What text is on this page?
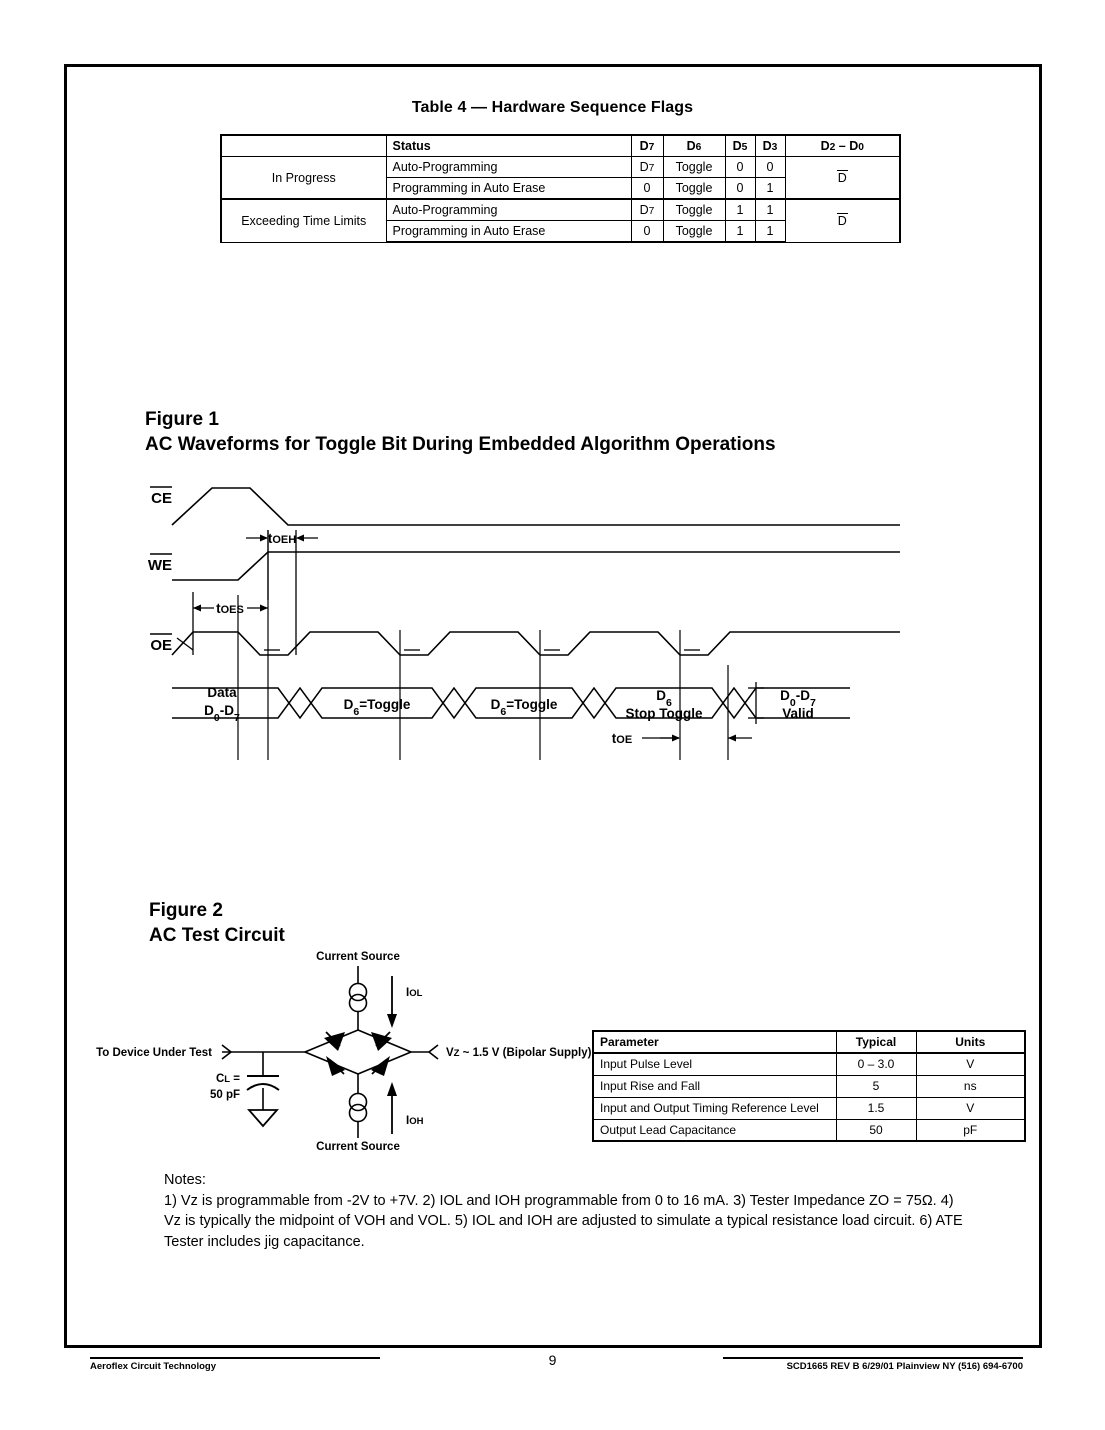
Table 4 — Hardware Sequence Flags
	Status	D7	D6	D5	D3	D2 – D0
In Progress	Auto-Programming	D7	Toggle	0	0	D
	Programming in Auto Erase	0	Toggle	0	1	
Exceeding Time Limits	Auto-Programming	D7	Toggle	1	1	D
	Programming in Auto Erase	0	Toggle	1	1	
Figure 1
AC Waveforms for Toggle Bit During Embedded Algorithm Operations
CE
WE
tOEH
tOES
OE
Data
$D_0-D_7$
$D_6=Toggle$	$D_6=Toggle$
$D_6$
Stop Toggle
$D_0-D_7$
Valid
tOE
Figure 2
AC Test Circuit
Current Source
IOL
To Device Under Test	VZ ~ 1.5 V (Bipolar Supply)
CL =
50 pF
IOH
Current Source
Parameter	Typical	Units
Input Pulse Level	0 – 3.0	V
Input Rise and Fall	5	ns
Input and Output Timing Reference Level	1.5	V
Output Lead Capacitance	50	pF
Notes:
1) Vz is programmable from -2V to +7V. 2) IOL and IOH programmable from 0 to 16 mA. 3) Tester Impedance ZO = 75Ω. 4) Vz is typically the midpoint of VOH and VOL. 5) IOL and IOH are adjusted to simulate a typical resistance load circuit. 6) ATE Tester includes jig capacitance.
Aeroflex Circuit Technology	9	SCD1665 REV B 6/29/01 Plainview NY (516) 694-6700
